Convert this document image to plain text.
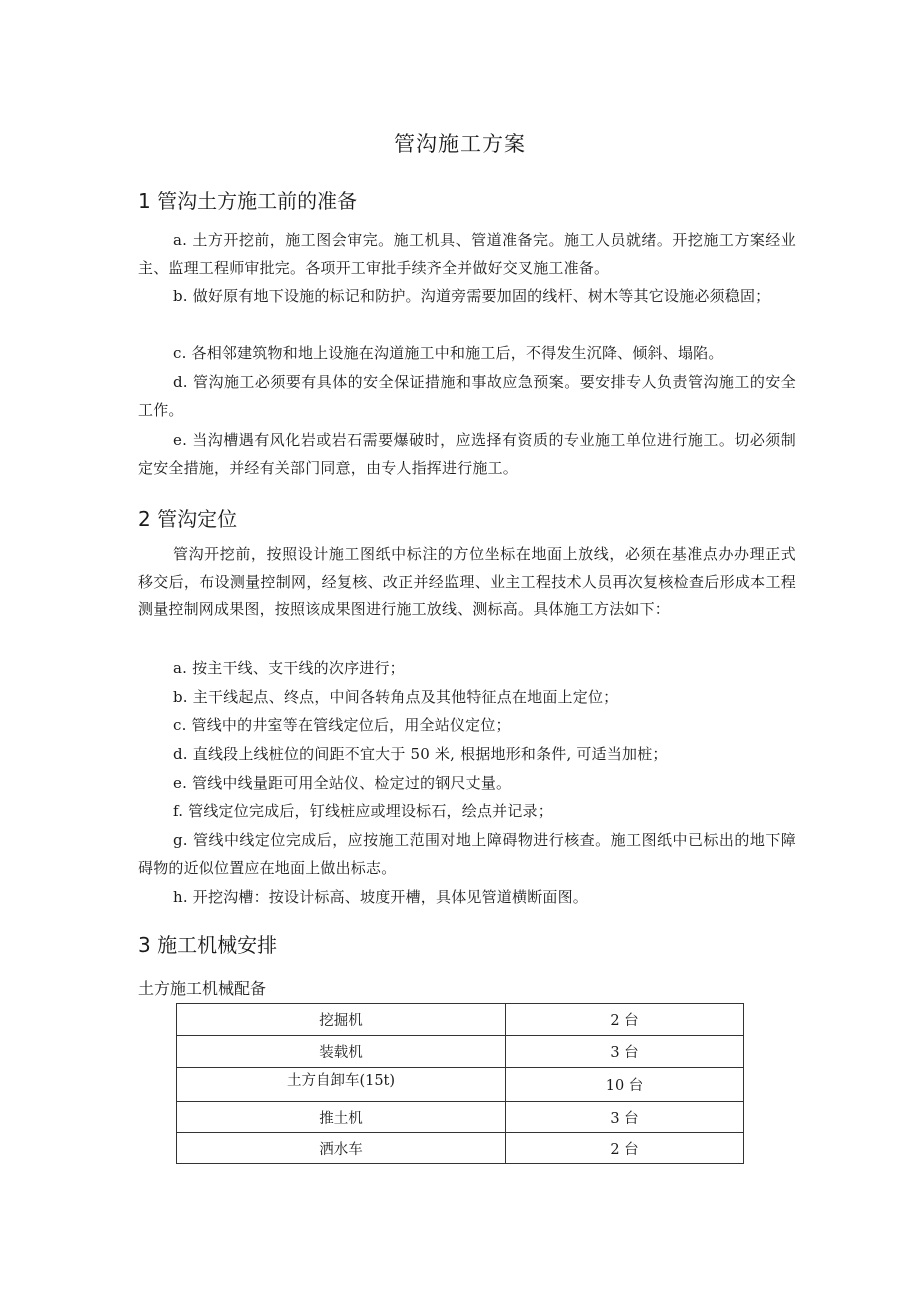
管沟施工方案
1 管沟土方施工前的准备
a. 土方开挖前，施工图会审完。施工机具、管道准备完。施工人员就绪。开挖施工方案经业主、监理工程师审批完。各项开工审批手续齐全并做好交叉施工准备。
b. 做好原有地下设施的标记和防护。沟道旁需要加固的线杆、树木等其它设施必须稳固；
c. 各相邻建筑物和地上设施在沟道施工中和施工后，不得发生沉降、倾斜、塌陷。
d. 管沟施工必须要有具体的安全保证措施和事故应急预案。要安排专人负责管沟施工的安全工作。
e. 当沟槽遇有风化岩或岩石需要爆破时，应选择有资质的专业施工单位进行施工。切必须制定安全措施，并经有关部门同意，由专人指挥进行施工。
2 管沟定位
管沟开挖前，按照设计施工图纸中标注的方位坐标在地面上放线，必须在基准点办办理正式移交后，布设测量控制网，经复核、改正并经监理、业主工程技术人员再次复核检查后形成本工程测量控制网成果图，按照该成果图进行施工放线、测标高。具体施工方法如下：
a. 按主干线、支干线的次序进行；
b. 主干线起点、终点，中间各转角点及其他特征点在地面上定位；
c. 管线中的井室等在管线定位后，用全站仪定位；
d. 直线段上线桩位的间距不宜大于 50 米, 根据地形和条件, 可适当加桩；
e. 管线中线量距可用全站仪、检定过的钢尺丈量。
f. 管线定位完成后，钉线桩应或埋设标石，绘点并记录；
g. 管线中线定位完成后，应按施工范围对地上障碍物进行核查。施工图纸中已标出的地下障碍物的近似位置应在地面上做出标志。
h. 开挖沟槽：按设计标高、坡度开槽，具体见管道横断面图。
3 施工机械安排
土方施工机械配备
挖掘机	2 台
装载机	3 台
土方自卸车(15t)	10 台
推土机	3 台
洒水车	2 台
